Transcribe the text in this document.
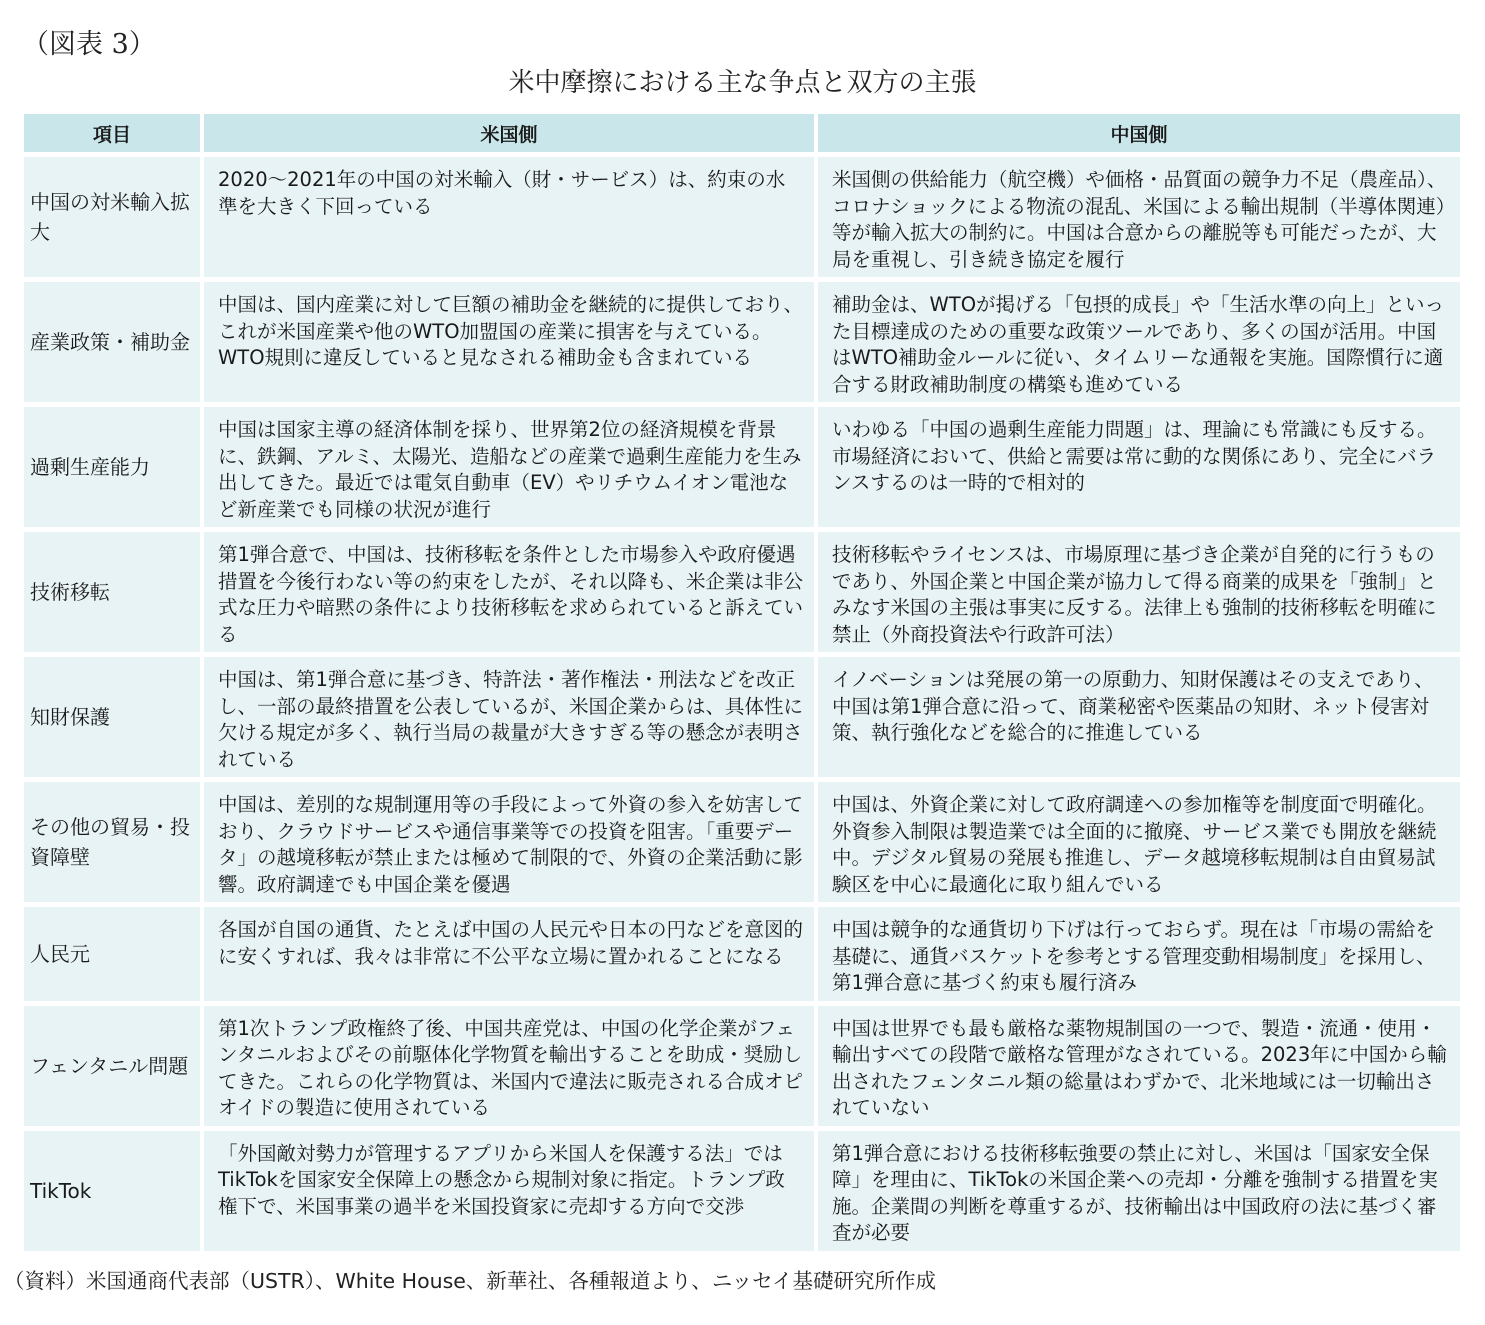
（図表 3）
米中摩擦における主な争点と双方の主張
項目	米国側	中国側
中国の対米輸入拡大	2020～2021年の中国の対米輸入（財・サービス）は、約束の水準を大きく下回っている	米国側の供給能力（航空機）や価格・品質面の競争力不足（農産品）、コロナショックによる物流の混乱、米国による輸出規制（半導体関連）等が輸入拡大の制約に。中国は合意からの離脱等も可能だったが、大局を重視し、引き続き協定を履行
産業政策・補助金	中国は、国内産業に対して巨額の補助金を継続的に提供しており、これが米国産業や他のWTO加盟国の産業に損害を与えている。WTO規則に違反していると見なされる補助金も含まれている	補助金は、WTOが掲げる「包摂的成長」や「生活水準の向上」といった目標達成のための重要な政策ツールであり、多くの国が活用。中国はWTO補助金ルールに従い、タイムリーな通報を実施。国際慣行に適合する財政補助制度の構築も進めている
過剰生産能力	中国は国家主導の経済体制を採り、世界第2位の経済規模を背景に、鉄鋼、アルミ、太陽光、造船などの産業で過剰生産能力を生み出してきた。最近では電気自動車（EV）やリチウムイオン電池など新産業でも同様の状況が進行	いわゆる「中国の過剰生産能力問題」は、理論にも常識にも反する。市場経済において、供給と需要は常に動的な関係にあり、完全にバランスするのは一時的で相対的
技術移転	第1弾合意で、中国は、技術移転を条件とした市場参入や政府優遇措置を今後行わない等の約束をしたが、それ以降も、米企業は非公式な圧力や暗黙の条件により技術移転を求められていると訴えている	技術移転やライセンスは、市場原理に基づき企業が自発的に行うものであり、外国企業と中国企業が協力して得る商業的成果を「強制」とみなす米国の主張は事実に反する。法律上も強制的技術移転を明確に禁止（外商投資法や行政許可法）
知財保護	中国は、第1弾合意に基づき、特許法・著作権法・刑法などを改正し、一部の最終措置を公表しているが、米国企業からは、具体性に欠ける規定が多く、執行当局の裁量が大きすぎる等の懸念が表明されている	イノベーションは発展の第一の原動力、知財保護はその支えであり、中国は第1弾合意に沿って、商業秘密や医薬品の知財、ネット侵害対策、執行強化などを総合的に推進している
その他の貿易・投資障壁	中国は、差別的な規制運用等の手段によって外資の参入を妨害しており、クラウドサービスや通信事業等での投資を阻害。「重要データ」の越境移転が禁止または極めて制限的で、外資の企業活動に影響。政府調達でも中国企業を優遇	中国は、外資企業に対して政府調達への参加権等を制度面で明確化。外資参入制限は製造業では全面的に撤廃、サービス業でも開放を継続中。デジタル貿易の発展も推進し、データ越境移転規制は自由貿易試験区を中心に最適化に取り組んでいる
人民元	各国が自国の通貨、たとえば中国の人民元や日本の円などを意図的に安くすれば、我々は非常に不公平な立場に置かれることになる	中国は競争的な通貨切り下げは行っておらず。現在は「市場の需給を基礎に、通貨バスケットを参考とする管理変動相場制度」を採用し、第1弾合意に基づく約束も履行済み
フェンタニル問題	第1次トランプ政権終了後、中国共産党は、中国の化学企業がフェンタニルおよびその前駆体化学物質を輸出することを助成・奨励してきた。これらの化学物質は、米国内で違法に販売される合成オピオイドの製造に使用されている	中国は世界でも最も厳格な薬物規制国の一つで、製造・流通・使用・輸出すべての段階で厳格な管理がなされている。2023年に中国から輸出されたフェンタニル類の総量はわずかで、北米地域には一切輸出されていない
TikTok	「外国敵対勢力が管理するアプリから米国人を保護する法」ではTikTokを国家安全保障上の懸念から規制対象に指定。トランプ政権下で、米国事業の過半を米国投資家に売却する方向で交渉	第1弾合意における技術移転強要の禁止に対し、米国は「国家安全保障」を理由に、TikTokの米国企業への売却・分離を強制する措置を実施。企業間の判断を尊重するが、技術輸出は中国政府の法に基づく審査が必要
（資料）米国通商代表部（USTR）、White House、新華社、各種報道より、ニッセイ基礎研究所作成
